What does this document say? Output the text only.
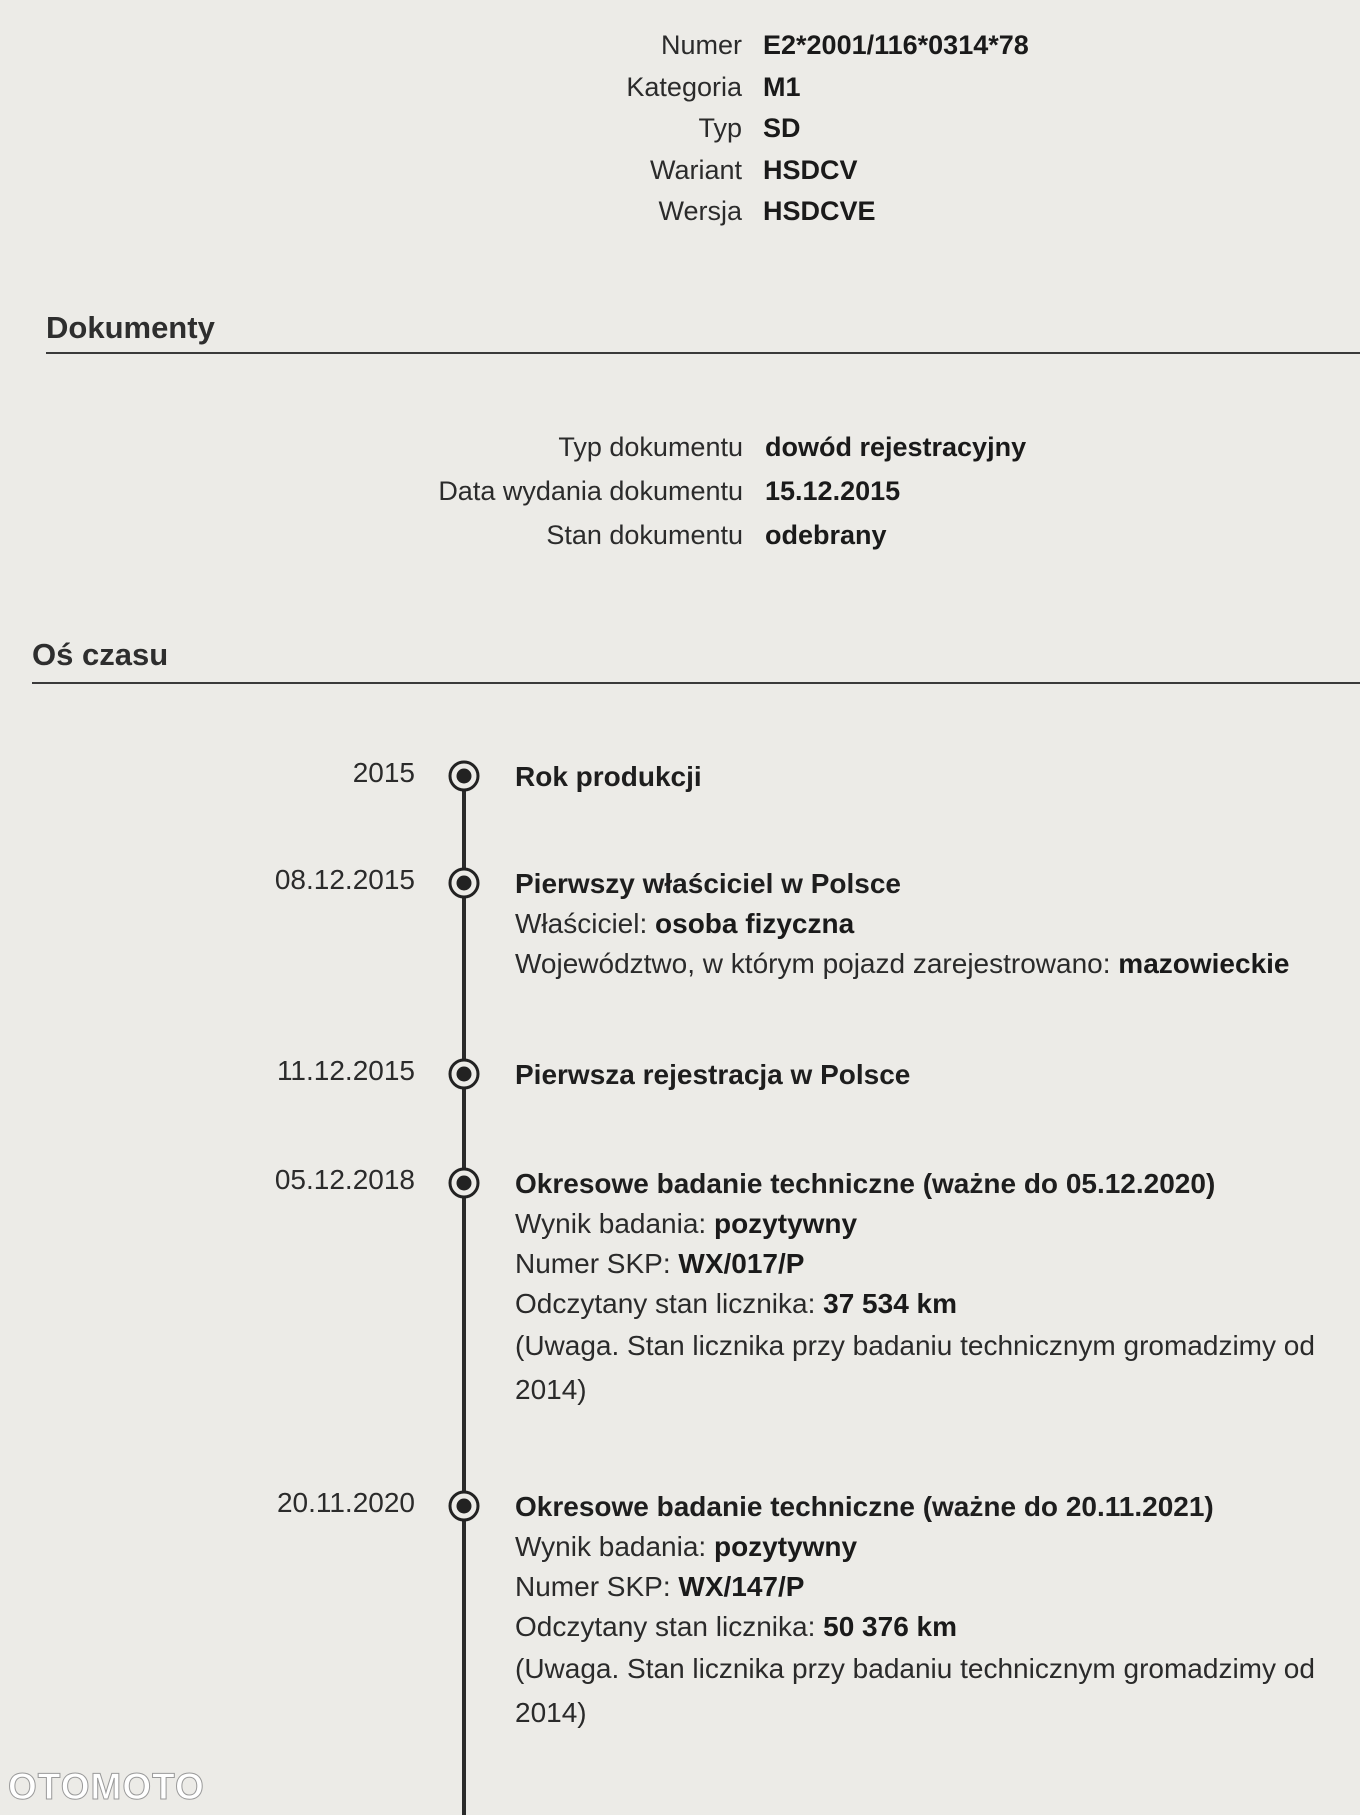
Numer E2*2001/116*0314*78
Kategoria M1
Typ SD
Wariant HSDCV
Wersja HSDCVE
Dokumenty
Typ dokumentu dowód rejestracyjny
Data wydania dokumentu 15.12.2015
Stan dokumentu odebrany
Oś czasu
2015	Rok produkcji
08.12.2015	Pierwszy właściciel w Polsce
Właściciel: osoba fizyczna
Województwo, w którym pojazd zarejestrowano: mazowieckie
11.12.2015	Pierwsza rejestracja w Polsce
05.12.2018	Okresowe badanie techniczne (ważne do 05.12.2020)
Wynik badania: pozytywny
Numer SKP: WX/017/P
Odczytany stan licznika: 37 534 km
(Uwaga. Stan licznika przy badaniu technicznym gromadzimy od 2014)
20.11.2020	Okresowe badanie techniczne (ważne do 20.11.2021)
Wynik badania: pozytywny
Numer SKP: WX/147/P
Odczytany stan licznika: 50 376 km
(Uwaga. Stan licznika przy badaniu technicznym gromadzimy od 2014)
OTOMOTO
